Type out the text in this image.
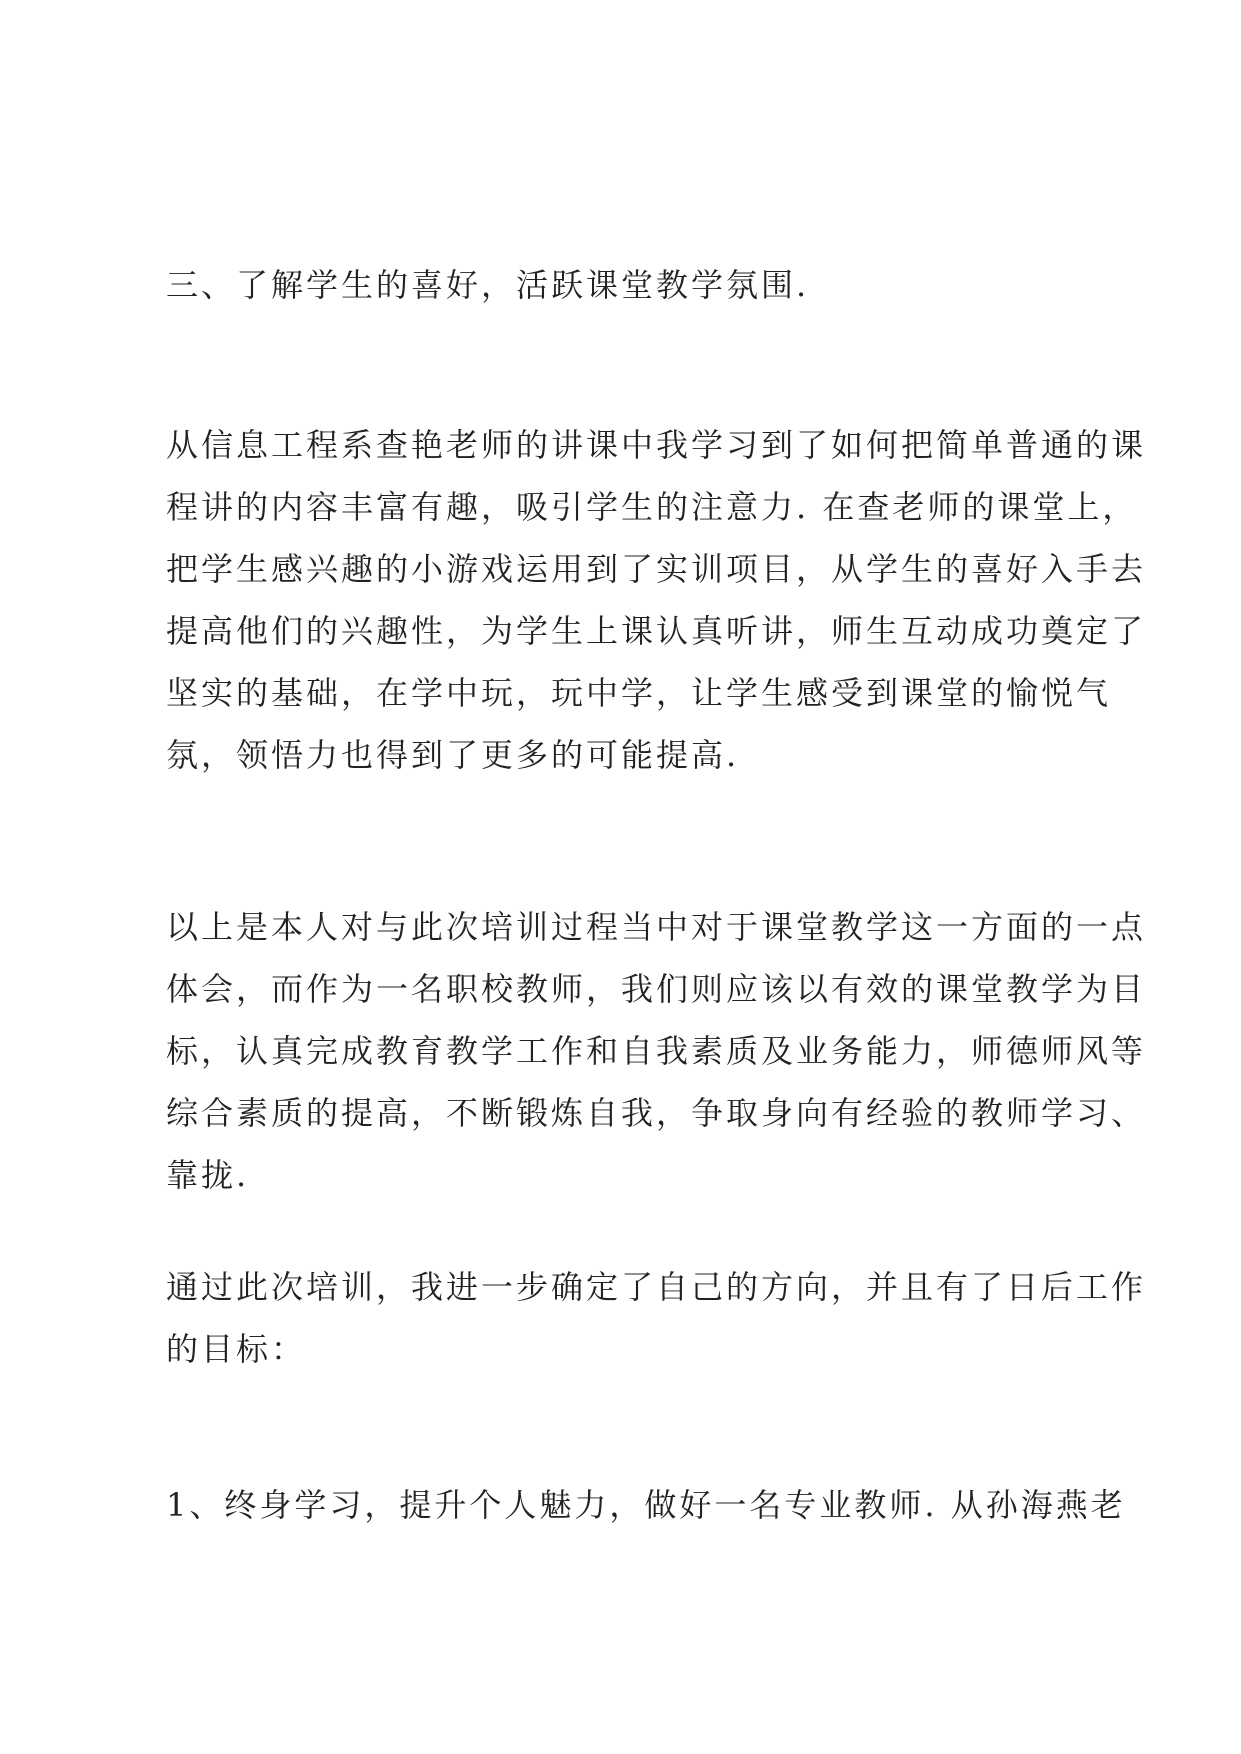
三、了解学生的喜好，活跃课堂教学氛围.
从信息工程系查艳老师的讲课中我学习到了如何把简单普通的课
程讲的内容丰富有趣，吸引学生的注意力. 在查老师的课堂上，
把学生感兴趣的小游戏运用到了实训项目，从学生的喜好入手去
提高他们的兴趣性，为学生上课认真听讲，师生互动成功奠定了
坚实的基础，在学中玩，玩中学，让学生感受到课堂的愉悦气
氛，领悟力也得到了更多的可能提高.
以上是本人对与此次培训过程当中对于课堂教学这一方面的一点
体会，而作为一名职校教师，我们则应该以有效的课堂教学为目
标，认真完成教育教学工作和自我素质及业务能力，师德师风等
综合素质的提高，不断锻炼自我，争取身向有经验的教师学习、
靠拢.
通过此次培训，我进一步确定了自己的方向，并且有了日后工作
的目标：
1、终身学习，提升个人魅力，做好一名专业教师. 从孙海燕老
